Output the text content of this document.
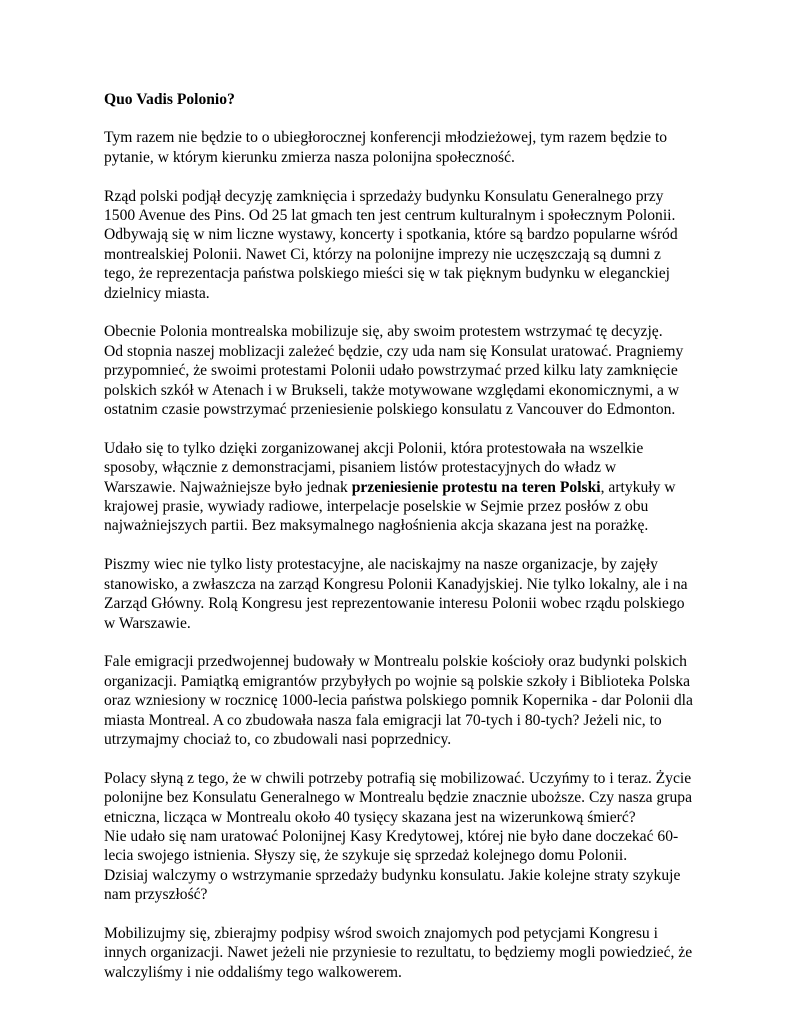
Quo Vadis Polonio?
Tym razem nie będzie to o ubiegłorocznej konferencji młodzieżowej, tym razem będzie to
pytanie, w którym kierunku zmierza nasza polonijna społeczność.
Rząd polski podjął decyzję zamknięcia i sprzedaży budynku Konsulatu Generalnego przy
1500 Avenue des Pins. Od 25 lat gmach ten jest centrum kulturalnym i społecznym Polonii.
Odbywają się w nim liczne wystawy, koncerty i spotkania, które są bardzo popularne wśród
montrealskiej Polonii. Nawet Ci, którzy na polonijne imprezy nie uczęszczają są dumni z
tego, że reprezentacja państwa polskiego mieści się w tak pięknym budynku w eleganckiej
dzielnicy miasta.
Obecnie Polonia montrealska mobilizuje się, aby swoim protestem wstrzymać tę decyzję.
Od stopnia naszej moblizacji zależeć będzie, czy uda nam się Konsulat uratować. Pragniemy
przypomnieć, że swoimi protestami Polonii udało powstrzymać przed kilku laty zamknięcie
polskich szkół w Atenach i w Brukseli, także motywowane względami ekonomicznymi, a w
ostatnim czasie powstrzymać przeniesienie polskiego konsulatu z Vancouver do Edmonton.
Udało się to tylko dzięki zorganizowanej akcji Polonii, która protestowała na wszelkie
sposoby, włącznie z demonstracjami, pisaniem listów protestacyjnych do władz w
Warszawie. Najważniejsze było jednak przeniesienie protestu na teren Polski, artykuły w
krajowej prasie, wywiady radiowe, interpelacje poselskie w Sejmie przez posłów z obu
najważniejszych partii. Bez maksymalnego nagłośnienia akcja skazana jest na porażkę.
Piszmy wiec nie tylko listy protestacyjne, ale naciskajmy na nasze organizacje, by zajęły
stanowisko, a zwłaszcza na zarząd Kongresu Polonii Kanadyjskiej. Nie tylko lokalny, ale i na
Zarząd Główny. Rolą Kongresu jest reprezentowanie interesu Polonii wobec rządu polskiego
w Warszawie.
Fale emigracji przedwojennej budowały w Montrealu polskie kościoły oraz budynki polskich
organizacji. Pamiątką emigrantów przybyłych po wojnie są polskie szkoły i Biblioteka Polska
oraz wzniesiony w rocznicę 1000-lecia państwa polskiego pomnik Kopernika - dar Polonii dla
miasta Montreal. A co zbudowała nasza fala emigracji lat 70-tych i 80-tych? Jeżeli nic, to
utrzymajmy chociaż to, co zbudowali nasi poprzednicy.
Polacy słyną z tego, że w chwili potrzeby potrafią się mobilizować. Uczyńmy to i teraz. Życie
polonijne bez Konsulatu Generalnego w Montrealu będzie znacznie uboższe. Czy nasza grupa
etniczna, licząca w Montrealu około 40 tysięcy skazana jest na wizerunkową śmierć?
Nie udało się nam uratować Polonijnej Kasy Kredytowej, której nie było dane doczekać 60-
lecia swojego istnienia. Słyszy się, że szykuje się sprzedaż kolejnego domu Polonii.
Dzisiaj walczymy o wstrzymanie sprzedaży budynku konsulatu. Jakie kolejne straty szykuje
nam przyszłość?
Mobilizujmy się, zbierajmy podpisy wśrod swoich znajomych pod petycjami Kongresu i
innych organizacji. Nawet jeżeli nie przyniesie to rezultatu, to będziemy mogli powiedzieć, że
walczyliśmy i nie oddaliśmy tego walkowerem.
